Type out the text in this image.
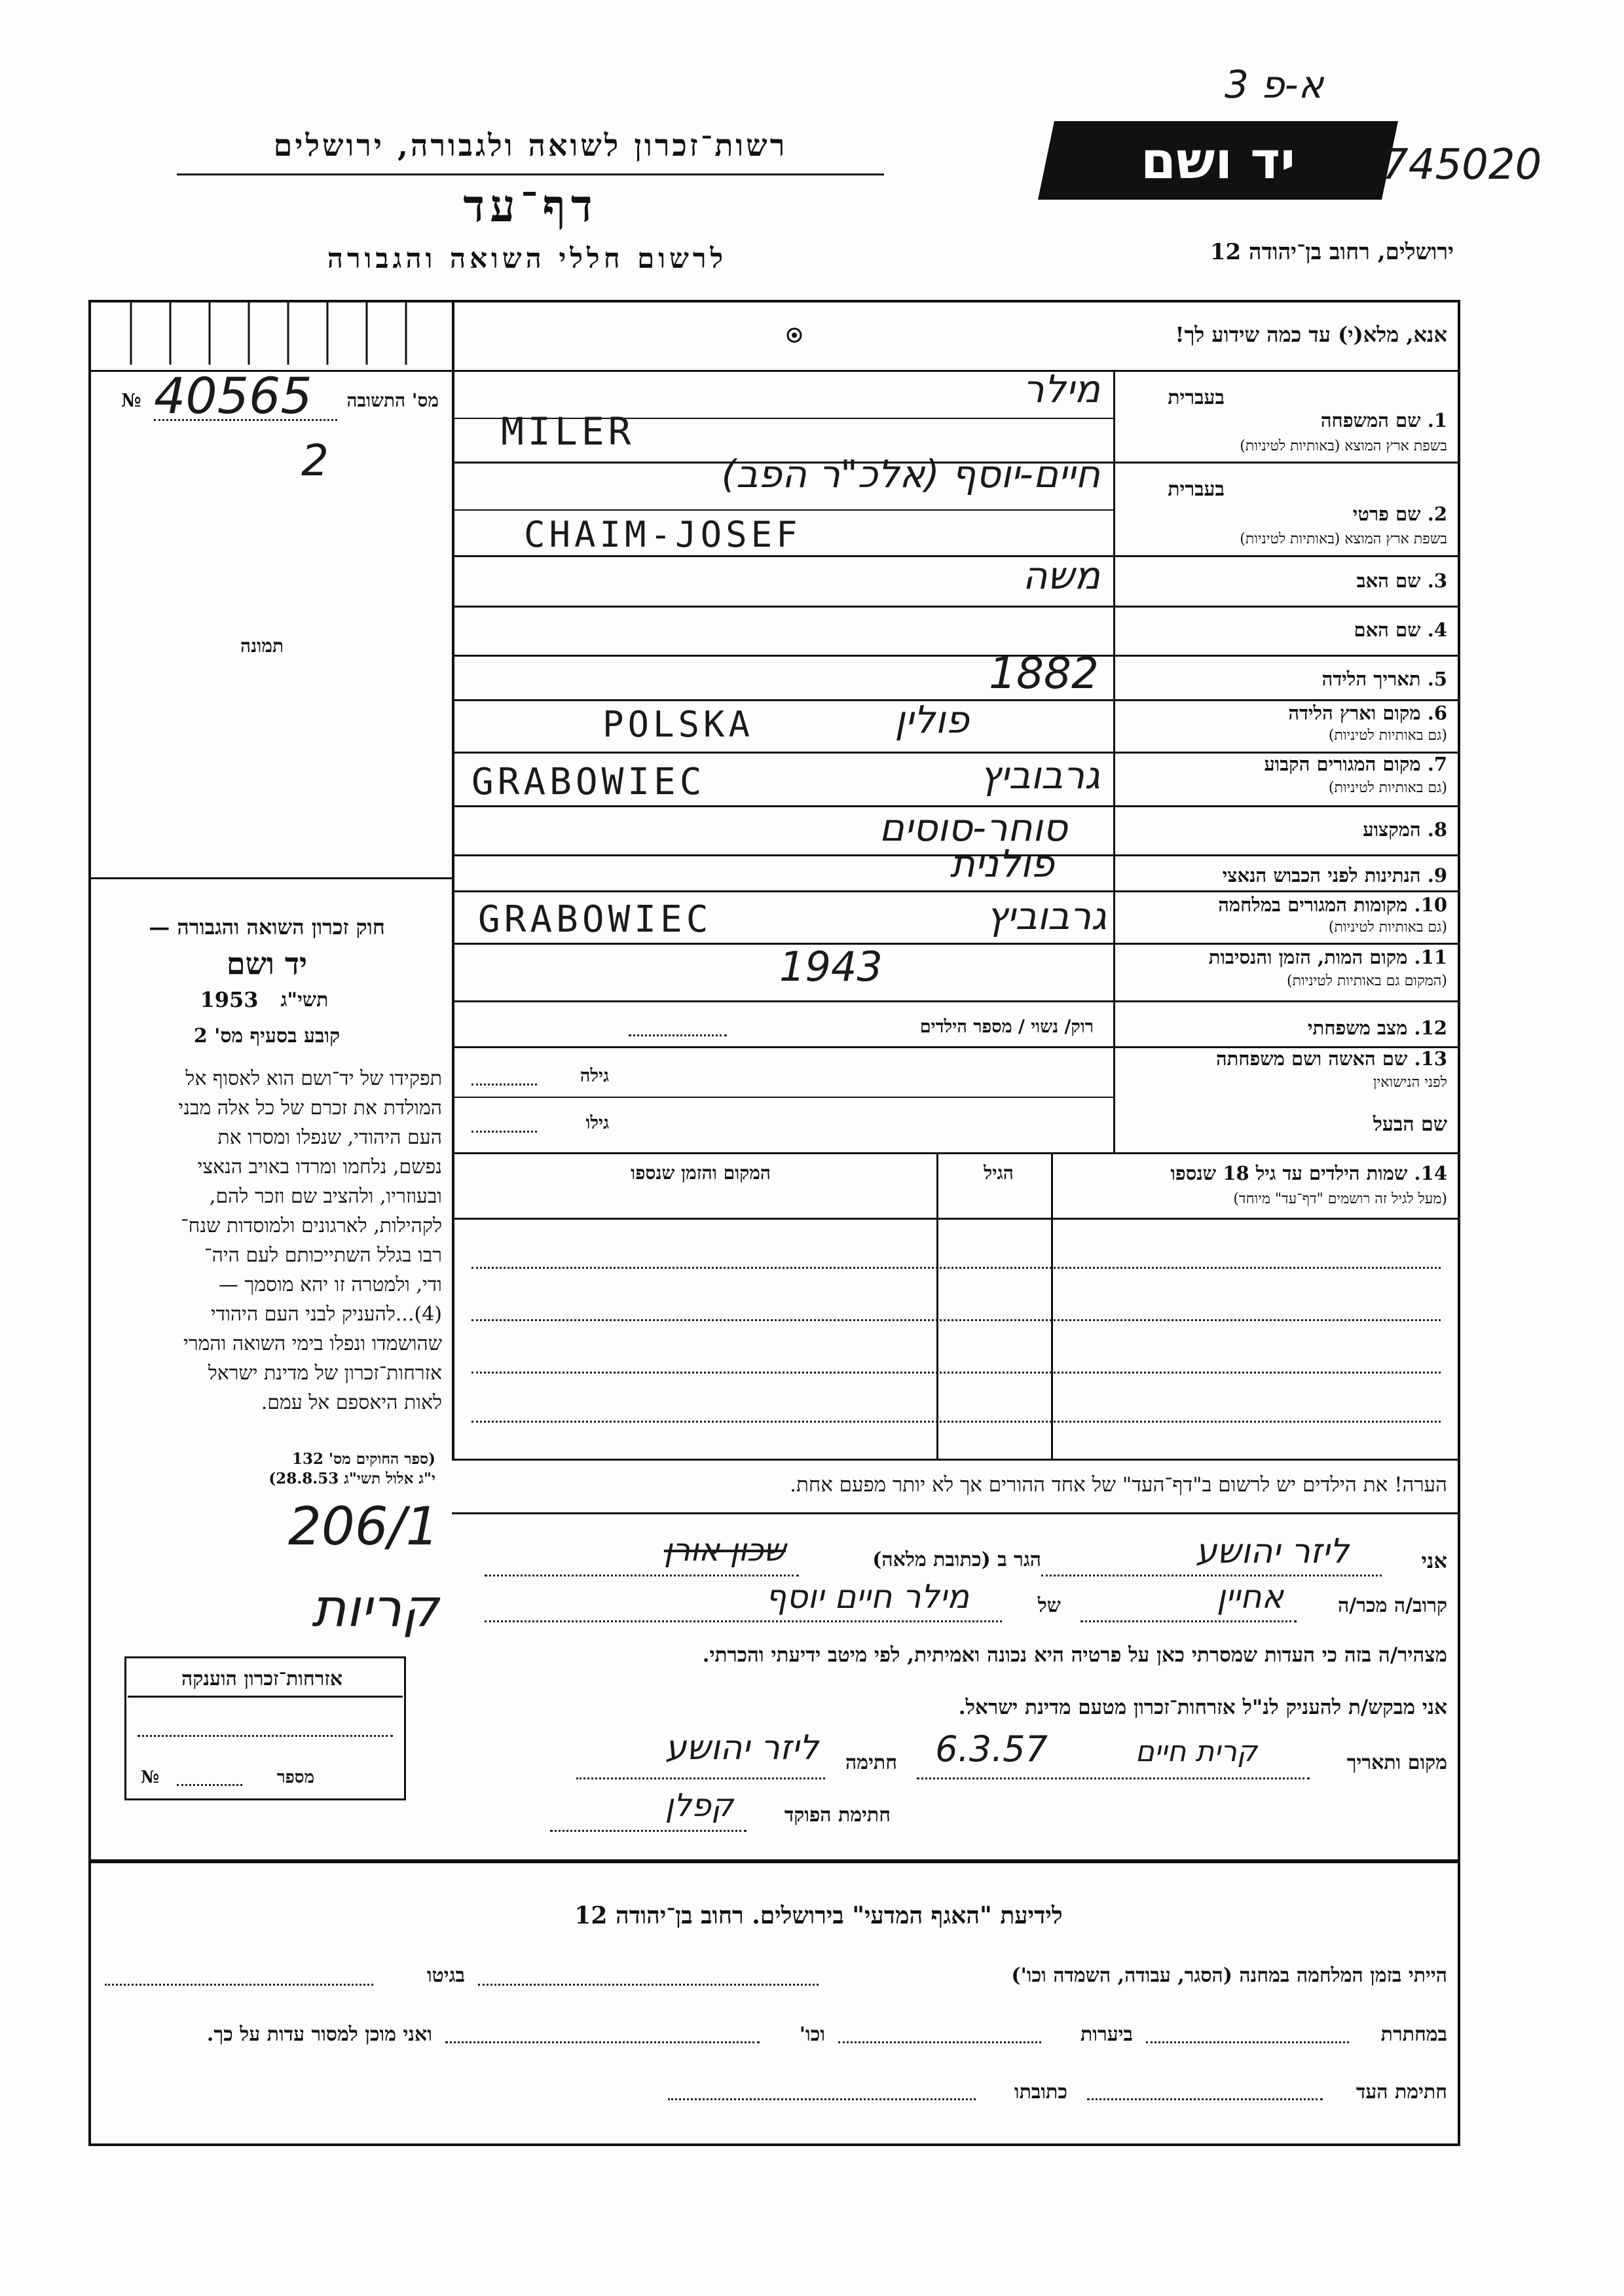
רשות־זכרון לשואה ולגבורה, ירושלים
דף־עד
לרשום חללי השואה והגבורה
יד ושם
ירושלים, רחוב בן־יהודה 12
3 א-פ
745020
אנא, מלא(י) עד כמה שידוע לך!
מס' התשובה
№ 40565
2
תמונה
חוק זכרון השואה והגבורה —
יד ושם
תשי"ג
1953
קובע בסעיף מס' 2
תפקידו של יד־ושם הוא לאסוף אל
המולדת את זכרם של כל אלה מבני
העם היהודי, שנפלו ומסרו את
נפשם, נלחמו ומרדו באויב הנאצי
ובעוזריו, ולהציב שם וזכר להם,
לקהילות, לארגונים ולמוסדות שנח־
רבו בגלל השתייכותם לעם היה־
ודי, ולמטרה זו יהא מוסמך —
(4)...להעניק לבני העם היהודי
שהושמדו ונפלו בימי השואה והמרי
אזרחות־זכרון של מדינת ישראל
לאות היאספם אל עמם.
(ספר החוקים מס' 132
י"ג אלול תשי"ג 28.8.53)
בעברית
1. שם המשפחה
בשפת ארץ המוצא (באותיות לטיניות)
מילר
MILER
בעברית
2. שם פרטי
בשפת ארץ המוצא (באותיות לטיניות)
חיים-יוסף (אלכ"ר הפב)
CHAIM-JOSEF
3. שם האב
משה
4. שם האם
5. תאריך הלידה
1882
6. מקום וארץ הלידה
(גם באותיות לטיניות)
POLSKA	פולין
7. מקום המגורים הקבוע
(גם באותיות לטיניות)
GRABOWIEC	גרבוביץ
8. המקצוע
סוחר-סוסים
9. הנתינות לפני הכבוש הנאצי
פולנית
10. מקומות המגורים במלחמה
(גם באותיות לטיניות)
GRABOWIEC	גרבוביץ
11. מקום המות, הזמן והנסיבות
(המקום גם באותיות לטיניות)
1943
12. מצב משפחתי
רוק/ נשוי / מספר הילדים
13. שם האשה ושם משפחתה
לפני הנישואין
גילה
שם הבעל
גילו
14. שמות הילדים עד גיל 18 שנספו
(מעל לגיל זה רושמים "דף־עד" מיוחד)
הגיל
המקום והזמן שנספו
הערה! את הילדים יש לרשום ב"דף־העד" של אחד ההורים אך לא יותר מפעם אחת.
אני
ליזר יהושע
הגר ב (כתובת מלאה)
שכון אורן
קרוב/ה מכר/ה
אחיין
של
מילר חיים יוסף
מצהיר/ה בזה כי העדות שמסרתי כאן על פרטיה היא נכונה ואמיתית, לפי מיטב ידיעתי והכרתי.
אני מבקש/ת להעניק לנ"ל אזרחות־זכרון מטעם מדינת ישראל.
מקום ותאריך
6.3.57	קרית חיים
חתימה
ליזר יהושע
חתימת הפוקד
קפלן
206/1
קריות
אזרחות־זכרון הוענקה
מספר
№
לידיעת "האגף המדעי" בירושלים. רחוב בן־יהודה 12
הייתי בזמן המלחמה במחנה (הסגר, עבודה, השמדה וכו')
בגיטו
במחתרת
ביערות
וכו'
ואני מוכן למסור עדות על כך.
חתימת העד
כתובתו
